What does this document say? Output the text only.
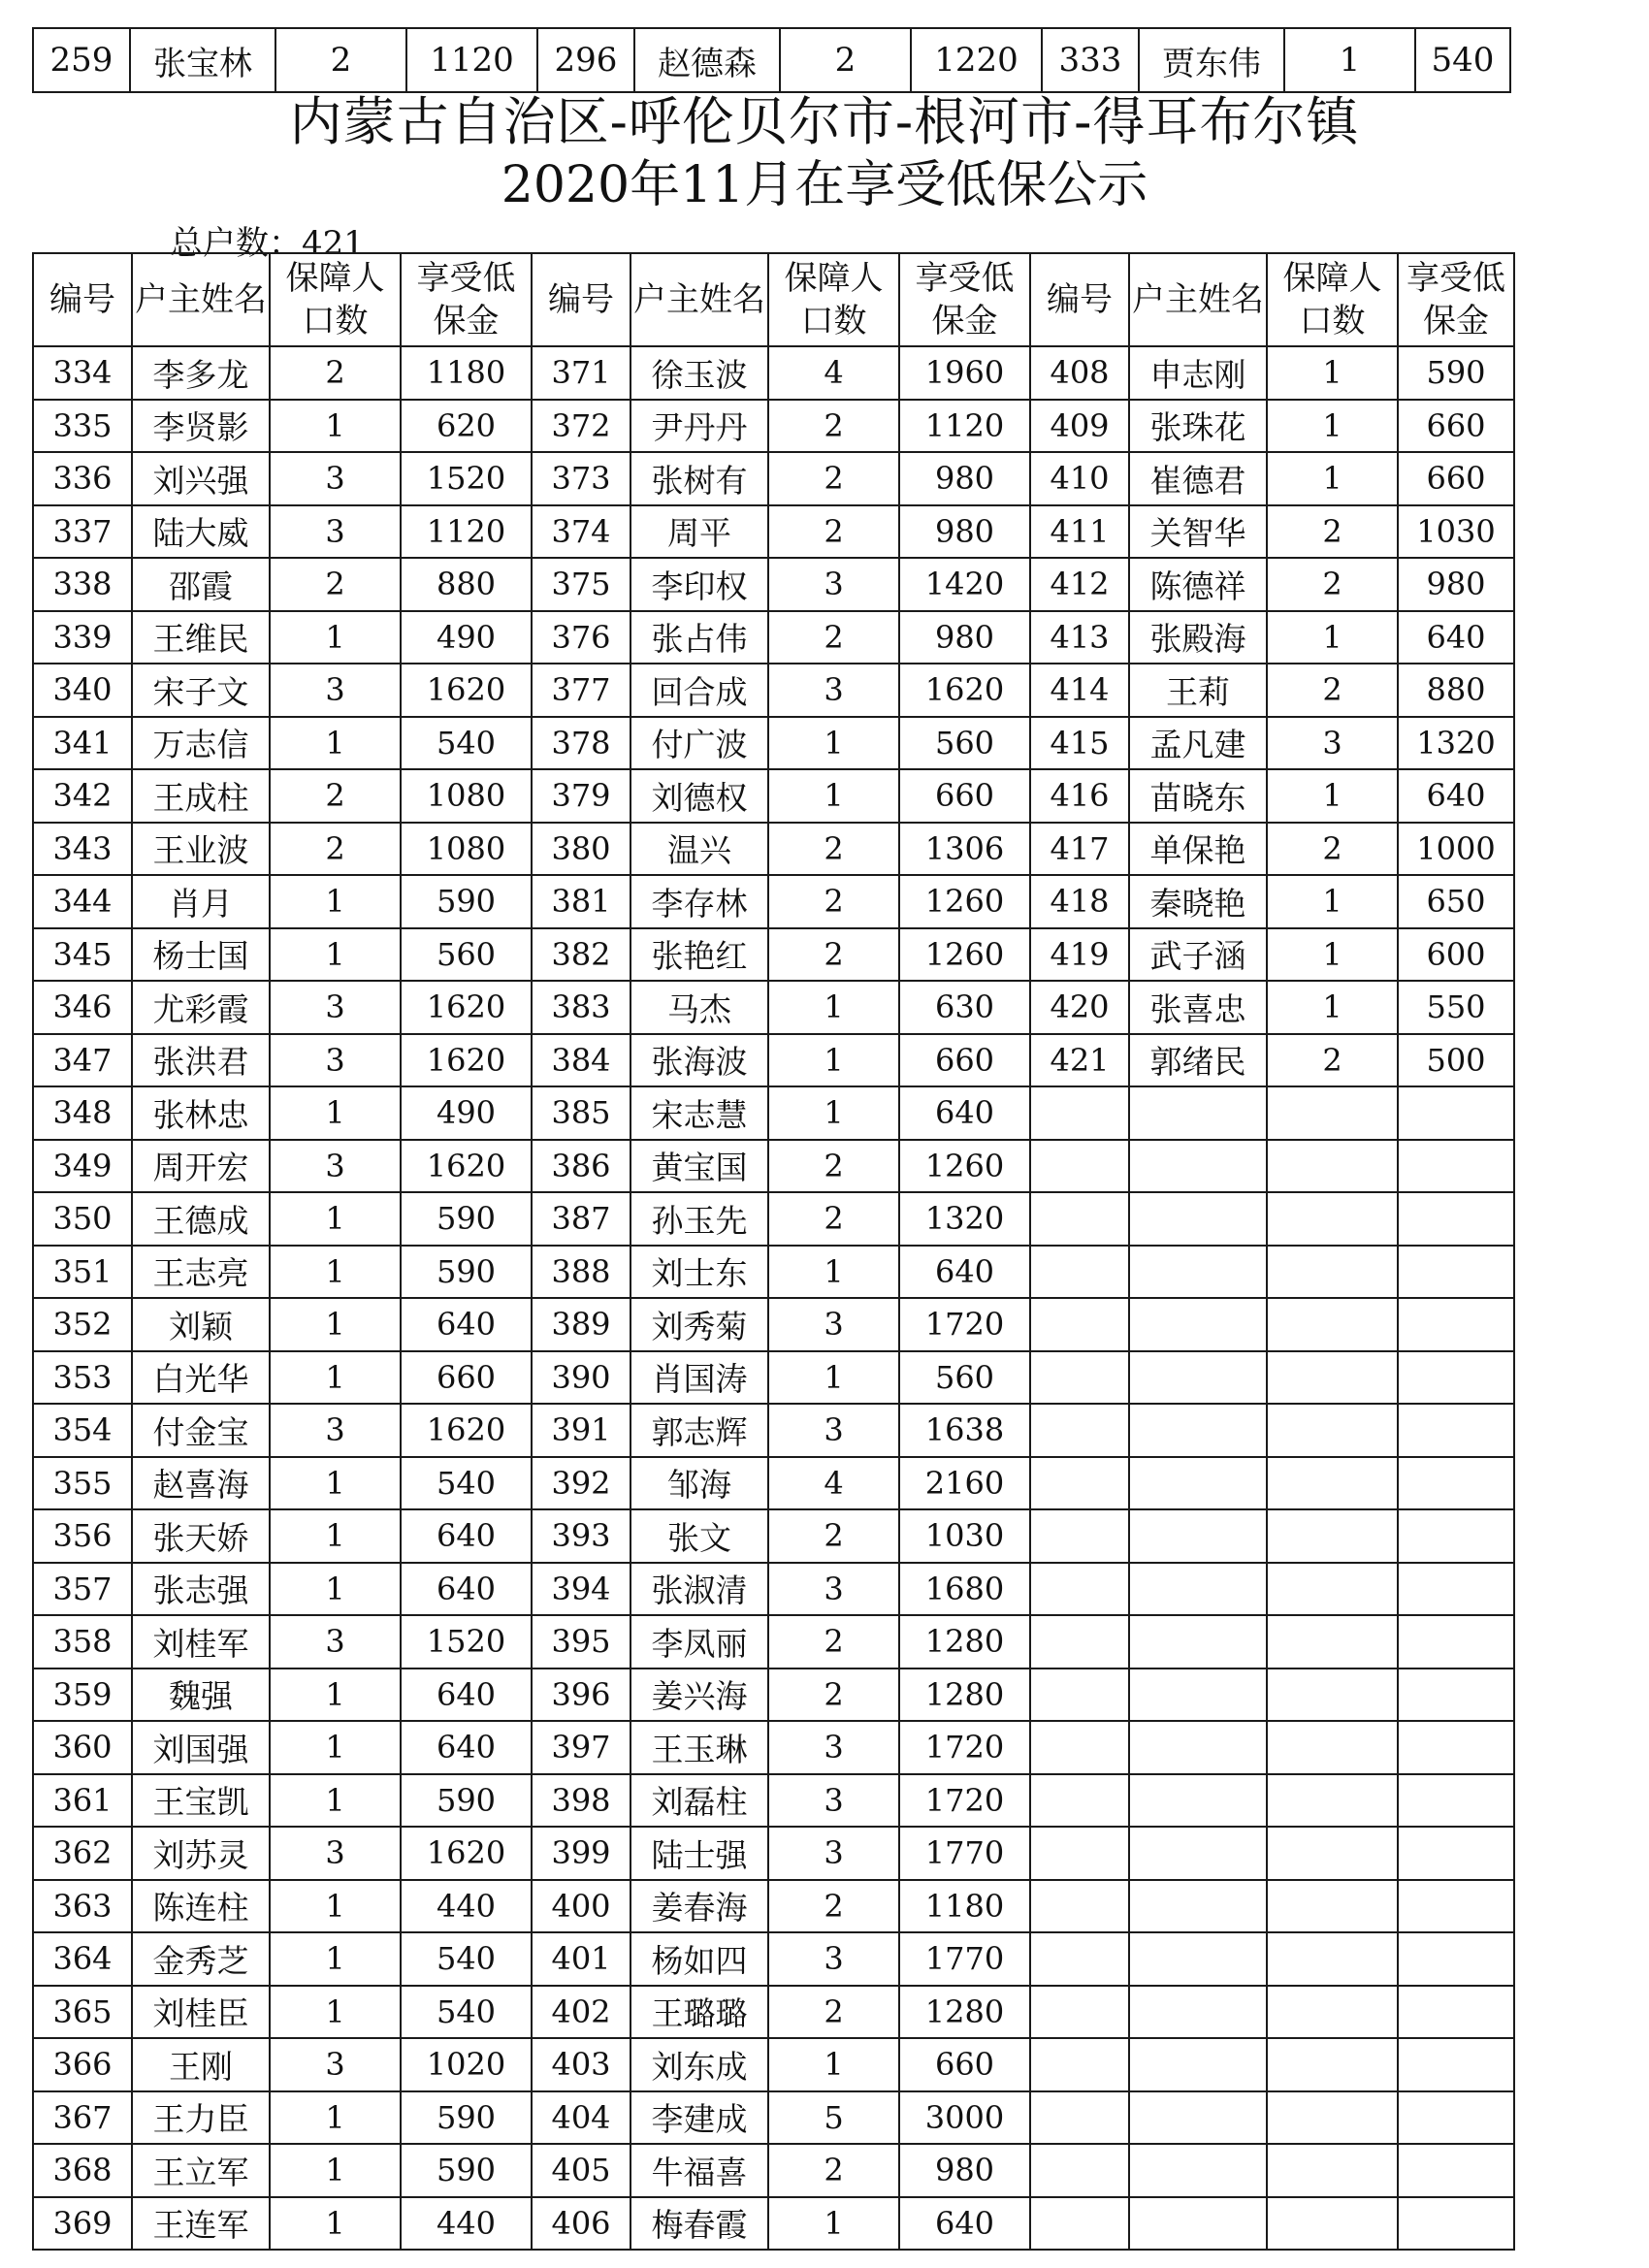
259	张宝林	2	1120	296	赵德森	2	1220	333	贾东伟	1	540
内蒙古自治区-呼伦贝尔市-根河市-得耳布尔镇
2020年11月在享受低保公示
总户数：421
编号	户主姓名	保障人口数	享受低保金	编号	户主姓名	保障人口数	享受低保金	编号	户主姓名	保障人口数	享受低保金
334	李多龙	2	1180	371	徐玉波	4	1960	408	申志刚	1	590
335	李贤影	1	620	372	尹丹丹	2	1120	409	张珠花	1	660
336	刘兴强	3	1520	373	张树有	2	980	410	崔德君	1	660
337	陆大威	3	1120	374	周平	2	980	411	关智华	2	1030
338	邵霞	2	880	375	李印权	3	1420	412	陈德祥	2	980
339	王维民	1	490	376	张占伟	2	980	413	张殿海	1	640
340	宋子文	3	1620	377	回合成	3	1620	414	王莉	2	880
341	万志信	1	540	378	付广波	1	560	415	孟凡建	3	1320
342	王成柱	2	1080	379	刘德权	1	660	416	苗晓东	1	640
343	王业波	2	1080	380	温兴	2	1306	417	单保艳	2	1000
344	肖月	1	590	381	李存林	2	1260	418	秦晓艳	1	650
345	杨士国	1	560	382	张艳红	2	1260	419	武子涵	1	600
346	尤彩霞	3	1620	383	马杰	1	630	420	张喜忠	1	550
347	张洪君	3	1620	384	张海波	1	660	421	郭绪民	2	500
348	张林忠	1	490	385	宋志慧	1	640				
349	周开宏	3	1620	386	黄宝国	2	1260				
350	王德成	1	590	387	孙玉先	2	1320				
351	王志亮	1	590	388	刘士东	1	640				
352	刘颖	1	640	389	刘秀菊	3	1720				
353	白光华	1	660	390	肖国涛	1	560				
354	付金宝	3	1620	391	郭志辉	3	1638				
355	赵喜海	1	540	392	邹海	4	2160				
356	张天娇	1	640	393	张文	2	1030				
357	张志强	1	640	394	张淑清	3	1680				
358	刘桂军	3	1520	395	李凤丽	2	1280				
359	魏强	1	640	396	姜兴海	2	1280				
360	刘国强	1	640	397	王玉琳	3	1720				
361	王宝凯	1	590	398	刘磊柱	3	1720				
362	刘苏灵	3	1620	399	陆士强	3	1770				
363	陈连柱	1	440	400	姜春海	2	1180				
364	金秀芝	1	540	401	杨如四	3	1770				
365	刘桂臣	1	540	402	王璐璐	2	1280				
366	王刚	3	1020	403	刘东成	1	660				
367	王力臣	1	590	404	李建成	5	3000				
368	王立军	1	590	405	牛福喜	2	980				
369	王连军	1	440	406	梅春霞	1	640				
